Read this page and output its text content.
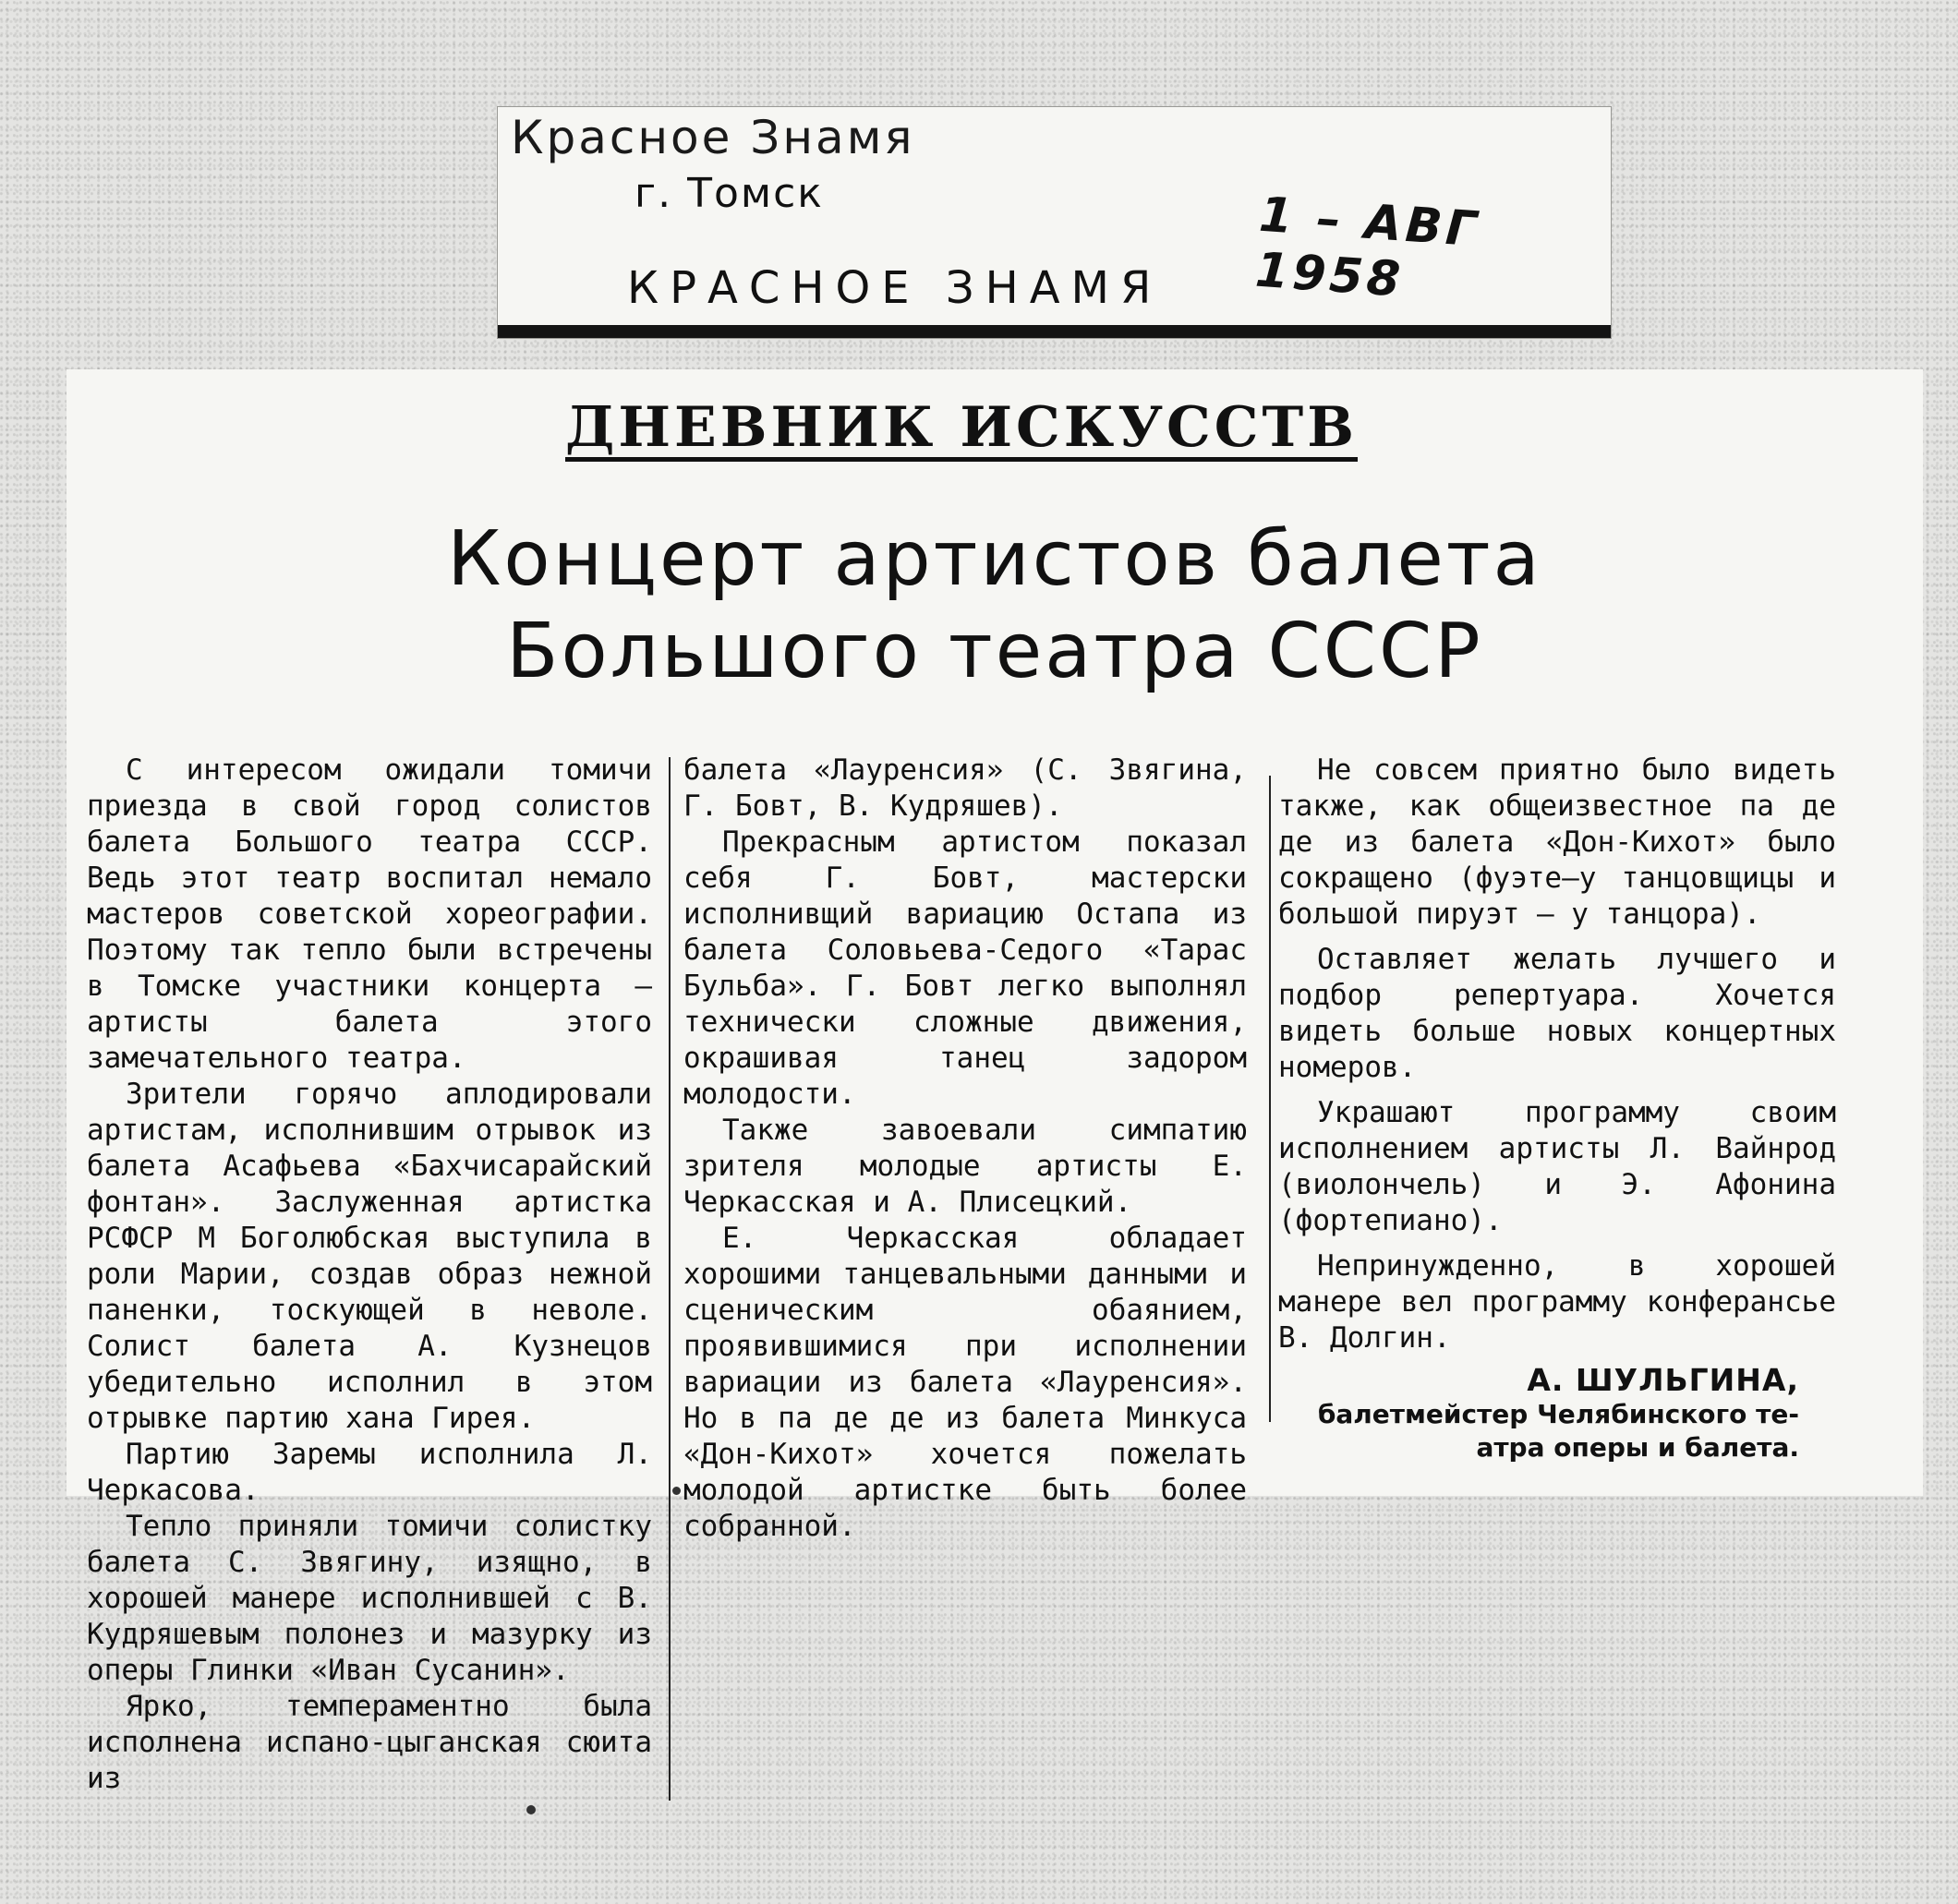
Красное Знамя
г. Томск	1 – АВГ 1958
КРАСНОЕ ЗНАМЯ
ДНЕВНИК ИСКУССТВ
Концерт артистов балета
Большого театра СССР

С интересом ожидали томичи приезда в свой город солистов балета Большого театра СССР. Ведь этот театр воспитал немало мастеров советской хореографии. Поэтому так тепло были встречены в Томске участники концерта — артисты балета этого замечательного театра.

Зрители горячо аплодировали артистам, исполнившим отрывок из балета Асафьева «Бахчисарайский фонтан». Заслуженная артистка РСФСР М Боголюбская выступила в роли Марии, создав образ нежной паненки, тоскующей в неволе. Солист балета А. Кузнецов убедительно исполнил в этом отрывке партию хана Гирея.

Партию Заремы исполнила Л. Черкасова.

Тепло приняли томичи солистку балета С. Звягину, изящно, в хорошей манере исполнившей с В. Кудряшевым полонез и мазурку из оперы Глинки «Иван Сусанин».

Ярко, темпераментно была исполнена испано-цыганская сюита из

балета «Лауренсия» (С. Звягина, Г. Бовт, В. Кудряшев).

Прекрасным артистом показал себя Г. Бовт, мастерски исполнивщий вариацию Остапа из балета Соловьева-Седого «Тарас Бульба». Г. Бовт легко выполнял технически сложные движения, окрашивая танец задором молодости.

Также завоевали симпатию зрителя молодые артисты Е. Черкасская и А. Плисецкий.

Е. Черкасская обладает хорошими танцевальными данными и сценическим обаянием, проявившимися при исполнении вариации из балета «Лауренсия». Но в па де де из балета Минкуса «Дон-Кихот» хочется пожелать молодой артистке быть более собранной.

Не совсем приятно было видеть также, как общеизвестное па де де из балета «Дон-Кихот» было сокращено (фуэте—у танцовщицы и большой пируэт — у танцора).

Оставляет желать лучшего и подбор репертуара. Хочется видеть больше новых концертных номеров.

Украшают программу своим исполнением артисты Л. Вайнрод (виолончель) и Э. Афонина (фортепиано).

Непринужденно, в хорошей манере вел программу конферансье В. Долгин.

А. ШУЛЬГИНА,
балетмейстер Челябинского те-
атра оперы и балета.
